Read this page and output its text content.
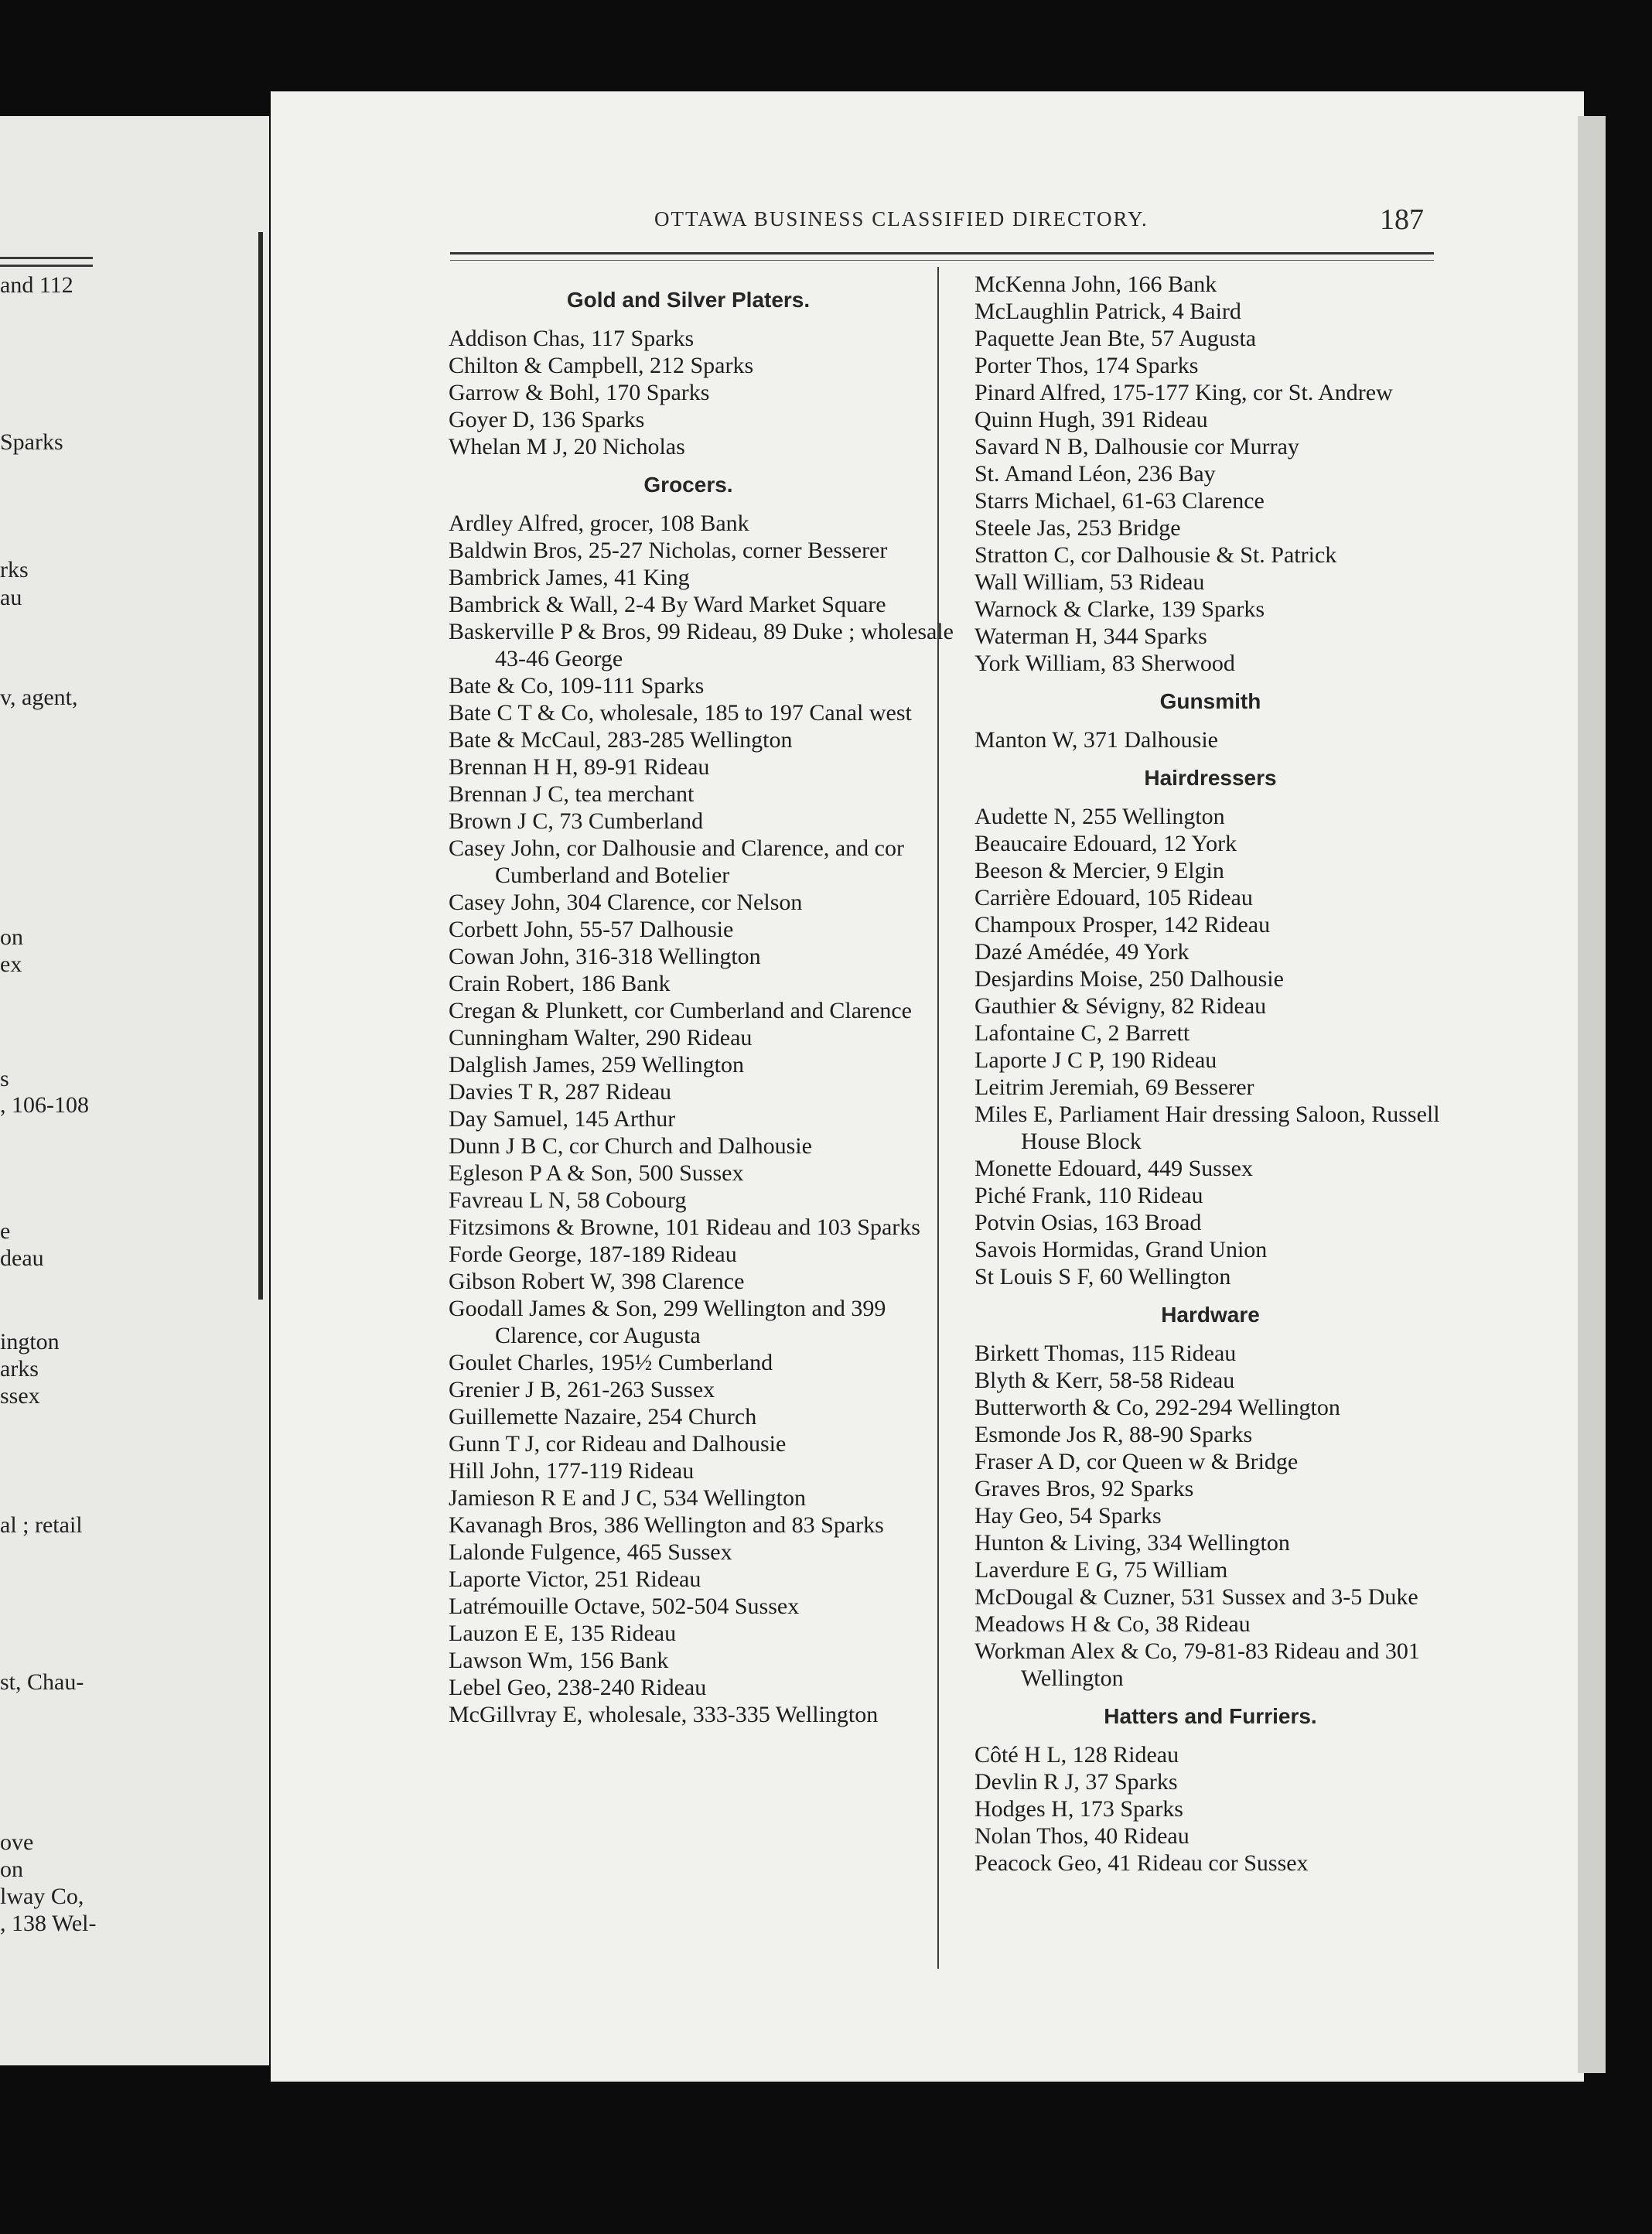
and 112
Sparks
rks
au
v, agent,
on
ex
s
, 106-108
e
deau
ington
arks
ssex
al ; retail
st, Chau-
ove
on
lway Co,
, 138 Wel-
OTTAWA BUSINESS CLASSIFIED DIRECTORY.	187
Gold and Silver Platers.
Addison Chas, 117 Sparks
Chilton & Campbell, 212 Sparks
Garrow & Bohl, 170 Sparks
Goyer D, 136 Sparks
Whelan M J, 20 Nicholas
Grocers.
Ardley Alfred, grocer, 108 Bank
Baldwin Bros, 25-27 Nicholas, corner Besserer
Bambrick James, 41 King
Bambrick & Wall, 2-4 By Ward Market Square
Baskerville P & Bros, 99 Rideau, 89 Duke ; wholesale 43-46 George
Bate & Co, 109-111 Sparks
Bate C T & Co, wholesale, 185 to 197 Canal west
Bate & McCaul, 283-285 Wellington
Brennan H H, 89-91 Rideau
Brennan J C, tea merchant
Brown J C, 73 Cumberland
Casey John, cor Dalhousie and Clarence, and cor Cumberland and Botelier
Casey John, 304 Clarence, cor Nelson
Corbett John, 55-57 Dalhousie
Cowan John, 316-318 Wellington
Crain Robert, 186 Bank
Cregan & Plunkett, cor Cumberland and Clarence
Cunningham Walter, 290 Rideau
Dalglish James, 259 Wellington
Davies T R, 287 Rideau
Day Samuel, 145 Arthur
Dunn J B C, cor Church and Dalhousie
Egleson P A & Son, 500 Sussex
Favreau L N, 58 Cobourg
Fitzsimons & Browne, 101 Rideau and 103 Sparks
Forde George, 187-189 Rideau
Gibson Robert W, 398 Clarence
Goodall James & Son, 299 Wellington and 399 Clarence, cor Augusta
Goulet Charles, 195½ Cumberland
Grenier J B, 261-263 Sussex
Guillemette Nazaire, 254 Church
Gunn T J, cor Rideau and Dalhousie
Hill John, 177-119 Rideau
Jamieson R E and J C, 534 Wellington
Kavanagh Bros, 386 Wellington and 83 Sparks
Lalonde Fulgence, 465 Sussex
Laporte Victor, 251 Rideau
Latrémouille Octave, 502-504 Sussex
Lauzon E E, 135 Rideau
Lawson Wm, 156 Bank
Lebel Geo, 238-240 Rideau
McGillvray E, wholesale, 333-335 Wellington
McKenna John, 166 Bank
McLaughlin Patrick, 4 Baird
Paquette Jean Bte, 57 Augusta
Porter Thos, 174 Sparks
Pinard Alfred, 175-177 King, cor St. Andrew
Quinn Hugh, 391 Rideau
Savard N B, Dalhousie cor Murray
St. Amand Léon, 236 Bay
Starrs Michael, 61-63 Clarence
Steele Jas, 253 Bridge
Stratton C, cor Dalhousie & St. Patrick
Wall William, 53 Rideau
Warnock & Clarke, 139 Sparks
Waterman H, 344 Sparks
York William, 83 Sherwood
Gunsmith
Manton W, 371 Dalhousie
Hairdressers
Audette N, 255 Wellington
Beaucaire Edouard, 12 York
Beeson & Mercier, 9 Elgin
Carrière Edouard, 105 Rideau
Champoux Prosper, 142 Rideau
Dazé Amédée, 49 York
Desjardins Moise, 250 Dalhousie
Gauthier & Sévigny, 82 Rideau
Lafontaine C, 2 Barrett
Laporte J C P, 190 Rideau
Leitrim Jeremiah, 69 Besserer
Miles E, Parliament Hair dressing Saloon, Russell House Block
Monette Edouard, 449 Sussex
Piché Frank, 110 Rideau
Potvin Osias, 163 Broad
Savois Hormidas, Grand Union
St Louis S F, 60 Wellington
Hardware
Birkett Thomas, 115 Rideau
Blyth & Kerr, 58-58 Rideau
Butterworth & Co, 292-294 Wellington
Esmonde Jos R, 88-90 Sparks
Fraser A D, cor Queen w & Bridge
Graves Bros, 92 Sparks
Hay Geo, 54 Sparks
Hunton & Living, 334 Wellington
Laverdure E G, 75 William
McDougal & Cuzner, 531 Sussex and 3-5 Duke
Meadows H & Co, 38 Rideau
Workman Alex & Co, 79-81-83 Rideau and 301 Wellington
Hatters and Furriers.
Côté H L, 128 Rideau
Devlin R J, 37 Sparks
Hodges H, 173 Sparks
Nolan Thos, 40 Rideau
Peacock Geo, 41 Rideau cor Sussex
